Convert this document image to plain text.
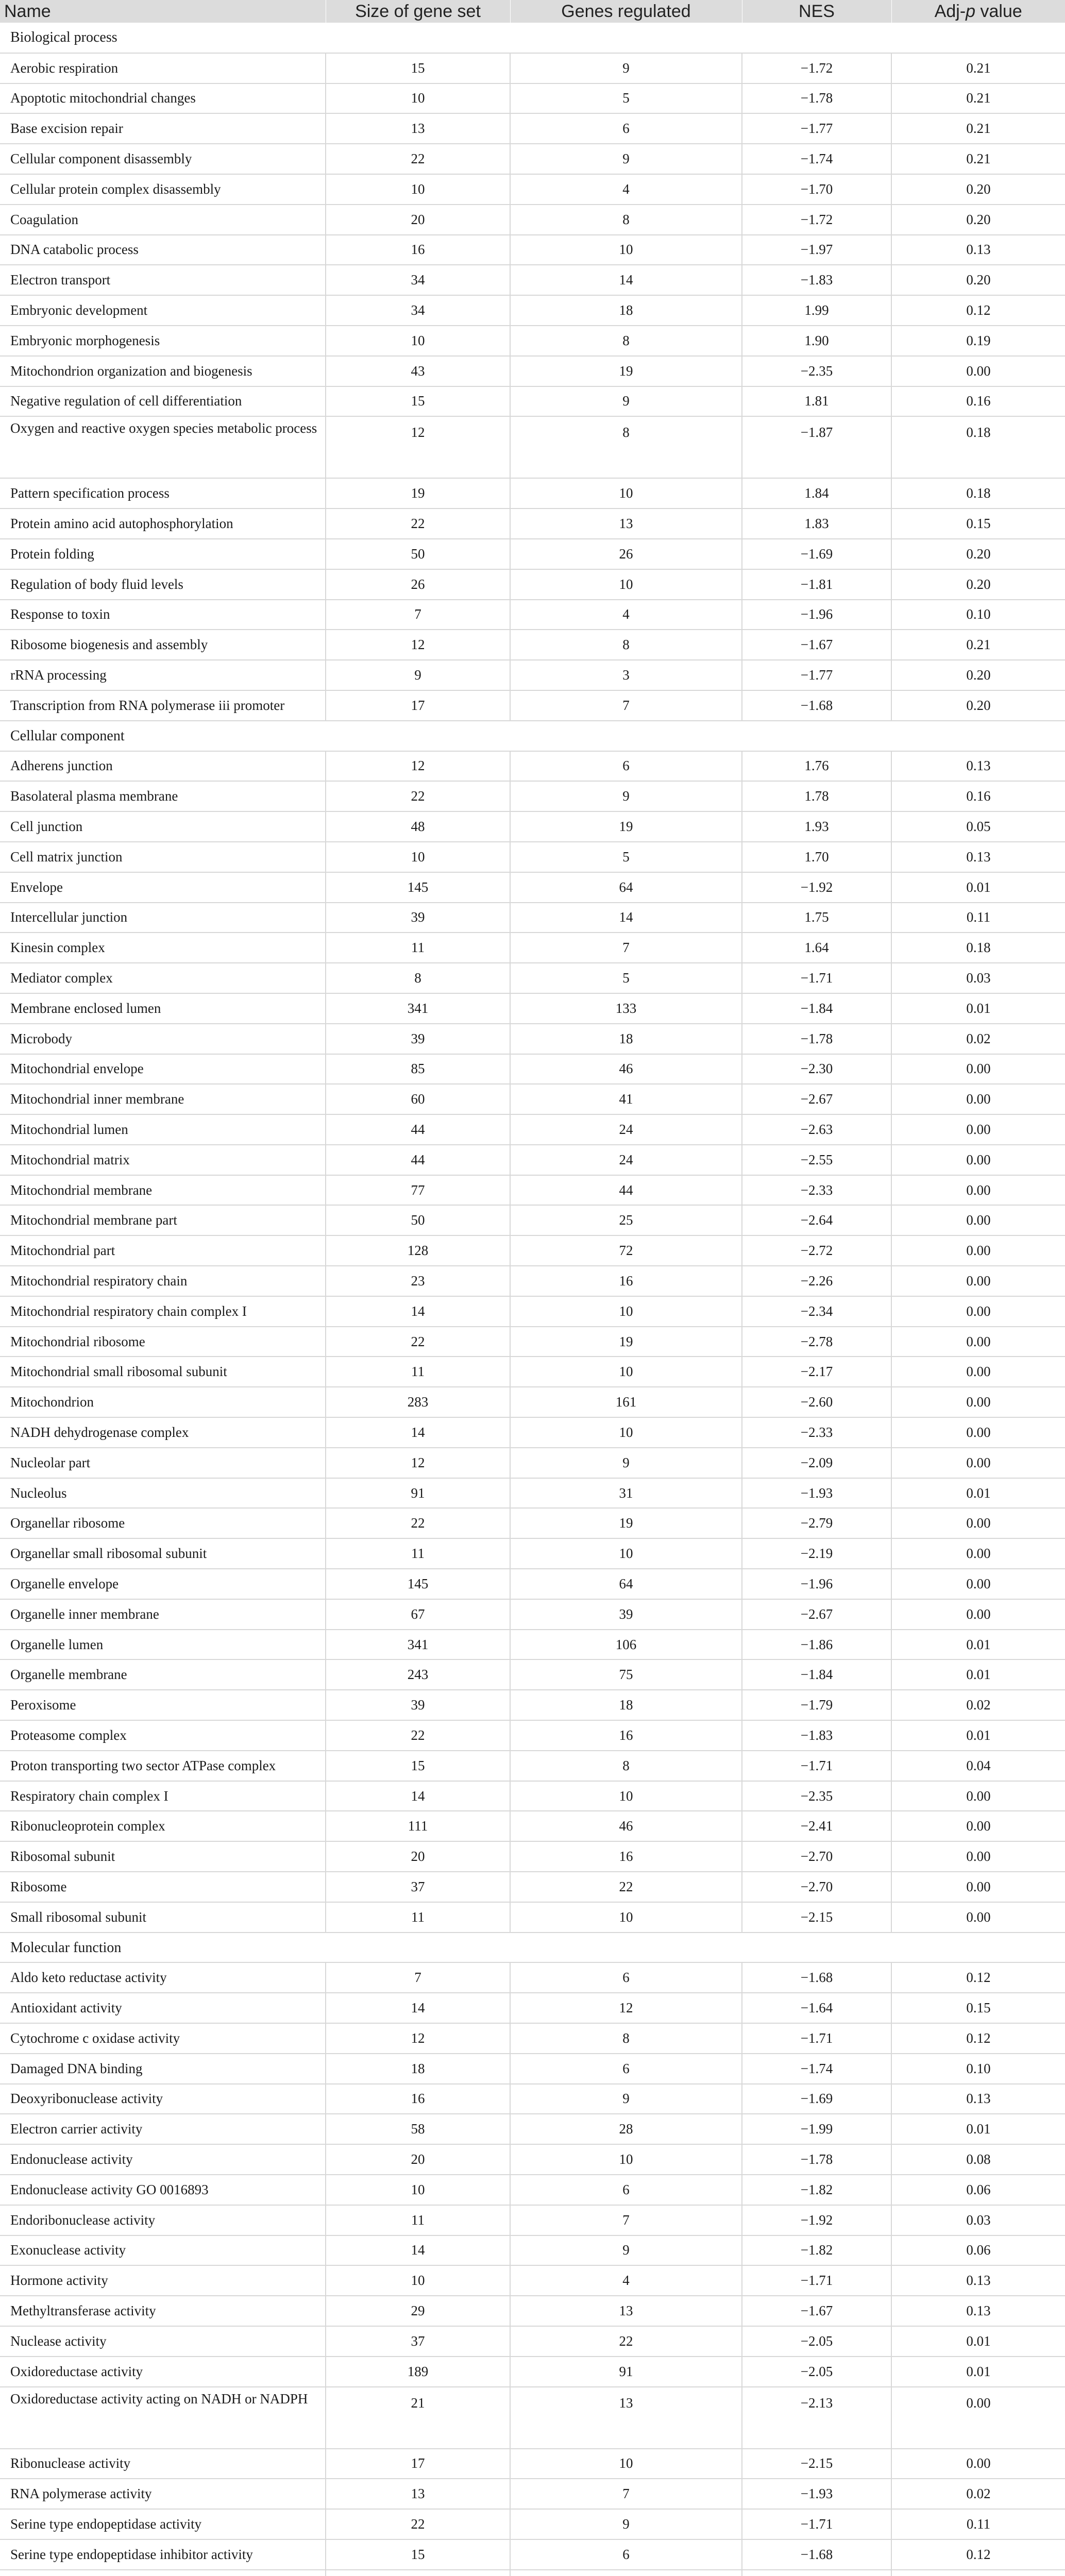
Name	Size of gene set	Genes regulated	NES	Adj-p value
Biological process				
Aerobic respiration	15	9	−1.72	0.21
Apoptotic mitochondrial changes	10	5	−1.78	0.21
Base excision repair	13	6	−1.77	0.21
Cellular component disassembly	22	9	−1.74	0.21
Cellular protein complex disassembly	10	4	−1.70	0.20
Coagulation	20	8	−1.72	0.20
DNA catabolic process	16	10	−1.97	0.13
Electron transport	34	14	−1.83	0.20
Embryonic development	34	18	1.99	0.12
Embryonic morphogenesis	10	8	1.90	0.19
Mitochondrion organization and biogenesis	43	19	−2.35	0.00
Negative regulation of cell differentiation	15	9	1.81	0.16
Oxygen and reactive oxygen species metabolic process	12	8	−1.87	0.18
Pattern specification process	19	10	1.84	0.18
Protein amino acid autophosphorylation	22	13	1.83	0.15
Protein folding	50	26	−1.69	0.20
Regulation of body fluid levels	26	10	−1.81	0.20
Response to toxin	7	4	−1.96	0.10
Ribosome biogenesis and assembly	12	8	−1.67	0.21
rRNA processing	9	3	−1.77	0.20
Transcription from RNA polymerase iii promoter	17	7	−1.68	0.20
Cellular component				
Adherens junction	12	6	1.76	0.13
Basolateral plasma membrane	22	9	1.78	0.16
Cell junction	48	19	1.93	0.05
Cell matrix junction	10	5	1.70	0.13
Envelope	145	64	−1.92	0.01
Intercellular junction	39	14	1.75	0.11
Kinesin complex	11	7	1.64	0.18
Mediator complex	8	5	−1.71	0.03
Membrane enclosed lumen	341	133	−1.84	0.01
Microbody	39	18	−1.78	0.02
Mitochondrial envelope	85	46	−2.30	0.00
Mitochondrial inner membrane	60	41	−2.67	0.00
Mitochondrial lumen	44	24	−2.63	0.00
Mitochondrial matrix	44	24	−2.55	0.00
Mitochondrial membrane	77	44	−2.33	0.00
Mitochondrial membrane part	50	25	−2.64	0.00
Mitochondrial part	128	72	−2.72	0.00
Mitochondrial respiratory chain	23	16	−2.26	0.00
Mitochondrial respiratory chain complex I	14	10	−2.34	0.00
Mitochondrial ribosome	22	19	−2.78	0.00
Mitochondrial small ribosomal subunit	11	10	−2.17	0.00
Mitochondrion	283	161	−2.60	0.00
NADH dehydrogenase complex	14	10	−2.33	0.00
Nucleolar part	12	9	−2.09	0.00
Nucleolus	91	31	−1.93	0.01
Organellar ribosome	22	19	−2.79	0.00
Organellar small ribosomal subunit	11	10	−2.19	0.00
Organelle envelope	145	64	−1.96	0.00
Organelle inner membrane	67	39	−2.67	0.00
Organelle lumen	341	106	−1.86	0.01
Organelle membrane	243	75	−1.84	0.01
Peroxisome	39	18	−1.79	0.02
Proteasome complex	22	16	−1.83	0.01
Proton transporting two sector ATPase complex	15	8	−1.71	0.04
Respiratory chain complex I	14	10	−2.35	0.00
Ribonucleoprotein complex	111	46	−2.41	0.00
Ribosomal subunit	20	16	−2.70	0.00
Ribosome	37	22	−2.70	0.00
Small ribosomal subunit	11	10	−2.15	0.00
Molecular function				
Aldo keto reductase activity	7	6	−1.68	0.12
Antioxidant activity	14	12	−1.64	0.15
Cytochrome c oxidase activity	12	8	−1.71	0.12
Damaged DNA binding	18	6	−1.74	0.10
Deoxyribonuclease activity	16	9	−1.69	0.13
Electron carrier activity	58	28	−1.99	0.01
Endonuclease activity	20	10	−1.78	0.08
Endonuclease activity GO 0016893	10	6	−1.82	0.06
Endoribonuclease activity	11	7	−1.92	0.03
Exonuclease activity	14	9	−1.82	0.06
Hormone activity	10	4	−1.71	0.13
Methyltransferase activity	29	13	−1.67	0.13
Nuclease activity	37	22	−2.05	0.01
Oxidoreductase activity	189	91	−2.05	0.01
Oxidoreductase activity acting on NADH or NADPH	21	13	−2.13	0.00
Ribonuclease activity	17	10	−2.15	0.00
RNA polymerase activity	13	7	−1.93	0.02
Serine type endopeptidase activity	22	9	−1.71	0.11
Serine type endopeptidase inhibitor activity	15	6	−1.68	0.12
